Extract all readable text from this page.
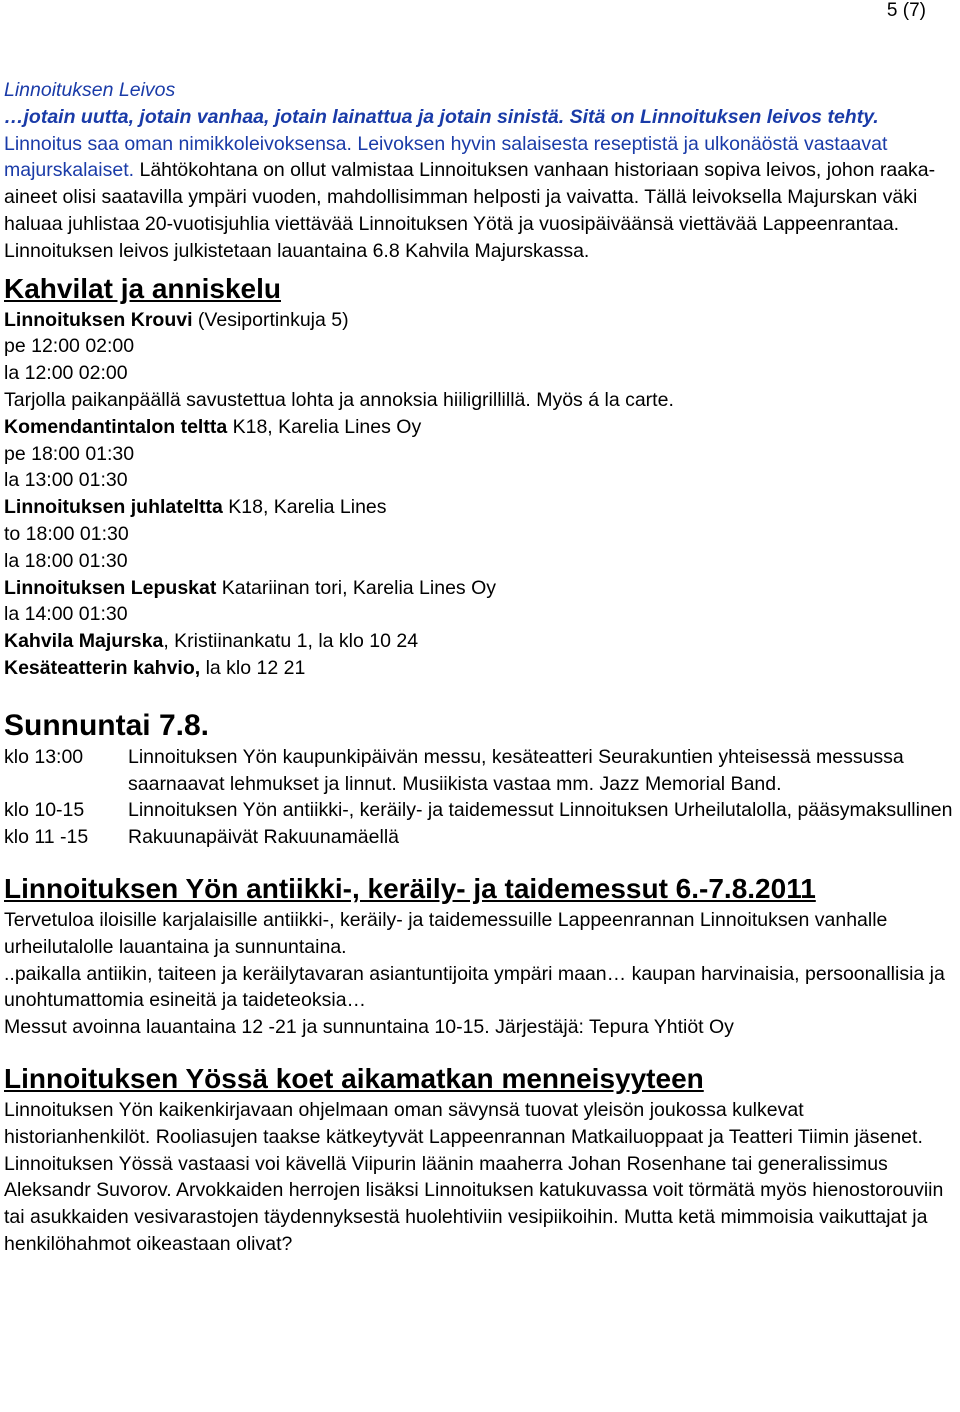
5 (7)
Linnoituksen Leivos
…jotain uutta, jotain vanhaa, jotain lainattua ja jotain sinistä. Sitä on Linnoituksen leivos tehty.
Linnoitus saa oman nimikkoleivoksensa. Leivoksen hyvin salaisesta reseptistä ja ulkonäöstä vastaavat majurskalaiset. Lähtökohtana on ollut valmistaa Linnoituksen vanhaan historiaan sopiva leivos, johon raaka-aineet olisi saatavilla ympäri vuoden, mahdollisimman helposti ja vaivatta. Tällä leivoksella Majurskan väki haluaa juhlistaa 20-vuotisjuhlia viettävää Linnoituksen Yötä ja vuosipäiväänsä viettävää Lappeenrantaa.
Linnoituksen leivos julkistetaan lauantaina 6.8 Kahvila Majurskassa.
Kahvilat ja anniskelu
Linnoituksen Krouvi (Vesiportinkuja 5)
pe 12:00 02:00
la 12:00 02:00
Tarjolla paikanpäällä savustettua lohta ja annoksia hiiligrillillä. Myös á la carte.
Komendantintalon teltta K18, Karelia Lines Oy
pe 18:00 01:30
la 13:00 01:30
Linnoituksen juhlateltta K18, Karelia Lines
to 18:00 01:30
la 18:00 01:30
Linnoituksen Lepuskat Katariinan tori, Karelia Lines Oy
la 14:00 01:30
Kahvila Majurska, Kristiinankatu 1, la klo 10 24
Kesäteatterin kahvio, la klo 12 21
Sunnuntai 7.8.
klo 13:00	Linnoituksen Yön kaupunkipäivän messu, kesäteatteri Seurakuntien yhteisessä messussa saarnaavat lehmukset ja linnut. Musiikista vastaa mm. Jazz Memorial Band.
klo 10-15	Linnoituksen Yön antiikki-, keräily- ja taidemessut Linnoituksen Urheilutalolla, pääsymaksullinen
klo 11 -15	Rakuunapäivät Rakuunamäellä
Linnoituksen Yön antiikki-, keräily- ja taidemessut 6.-7.8.2011
Tervetuloa iloisille karjalaisille antiikki-, keräily- ja taidemessuille Lappeenrannan Linnoituksen vanhalle urheilutalolle lauantaina ja sunnuntaina.
..paikalla antiikin, taiteen ja keräilytavaran asiantuntijoita ympäri maan… kaupan harvinaisia, persoonallisia ja unohtumattomia esineitä ja taideteoksia…
Messut avoinna lauantaina 12 -21 ja sunnuntaina 10-15. Järjestäjä: Tepura Yhtiöt Oy
Linnoituksen Yössä koet aikamatkan menneisyyteen
Linnoituksen Yön kaikenkirjavaan ohjelmaan oman sävynsä tuovat yleisön joukossa kulkevat historianhenkilöt. Rooliasujen taakse kätkeytyvät Lappeenrannan Matkailuoppaat ja Teatteri Tiimin jäsenet. Linnoituksen Yössä vastaasi voi kävellä Viipurin läänin maaherra Johan Rosenhane tai generalissimus Aleksandr Suvorov. Arvokkaiden herrojen lisäksi Linnoituksen katukuvassa voit törmätä myös hienostorouviin tai asukkaiden vesivarastojen täydennyksestä huolehtiviin vesipiikoihin. Mutta ketä mimmoisia vaikuttajat ja henkilöhahmot oikeastaan olivat?
